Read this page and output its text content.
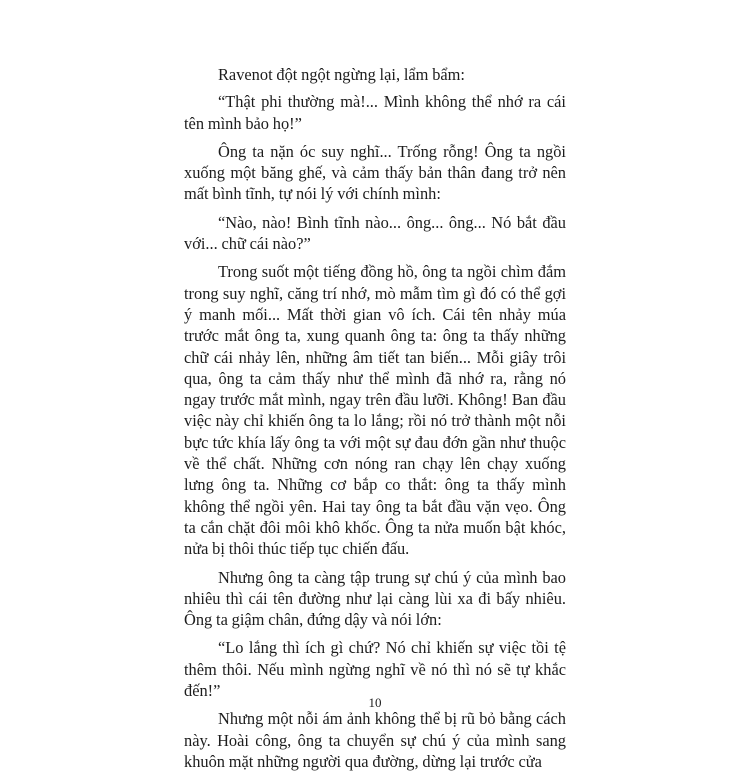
Ravenot đột ngột ngừng lại, lẩm bẩm:

“Thật phi thường mà!... Mình không thể nhớ ra cái tên mình bảo họ!”

Ông ta nặn óc suy nghĩ... Trống rỗng! Ông ta ngồi xuống một băng ghế, và cảm thấy bản thân đang trở nên mất bình tĩnh, tự nói lý với chính mình:

“Nào, nào! Bình tĩnh nào... ông... ông... Nó bắt đầu với... chữ cái nào?”

Trong suốt một tiếng đồng hồ, ông ta ngồi chìm đắm trong suy nghĩ, căng trí nhớ, mò mẫm tìm gì đó có thể gợi ý manh mối... Mất thời gian vô ích. Cái tên nhảy múa trước mắt ông ta, xung quanh ông ta: ông ta thấy những chữ cái nhảy lên, những âm tiết tan biến... Mỗi giây trôi qua, ông ta cảm thấy như thể mình đã nhớ ra, rằng nó ngay trước mắt mình, ngay trên đầu lưỡi. Không! Ban đầu việc này chỉ khiến ông ta lo lắng; rồi nó trở thành một nỗi bực tức khía lấy ông ta với một sự đau đớn gần như thuộc về thể chất. Những cơn nóng ran chạy lên chạy xuống lưng ông ta. Những cơ bắp co thắt: ông ta thấy mình không thể ngồi yên. Hai tay ông ta bắt đầu vặn vẹo. Ông ta cắn chặt đôi môi khô khốc. Ông ta nửa muốn bật khóc, nửa bị thôi thúc tiếp tục chiến đấu.

Nhưng ông ta càng tập trung sự chú ý của mình bao nhiêu thì cái tên đường như lại càng lùi xa đi bấy nhiêu. Ông ta giậm chân, đứng dậy và nói lớn:

“Lo lắng thì ích gì chứ? Nó chỉ khiến sự việc tồi tệ thêm thôi. Nếu mình ngừng nghĩ về nó thì nó sẽ tự khắc đến!”

Nhưng một nỗi ám ảnh không thể bị rũ bỏ bằng cách này. Hoài công, ông ta chuyển sự chú ý của mình sang khuôn mặt những người qua đường, dừng lại trước cửa

10
